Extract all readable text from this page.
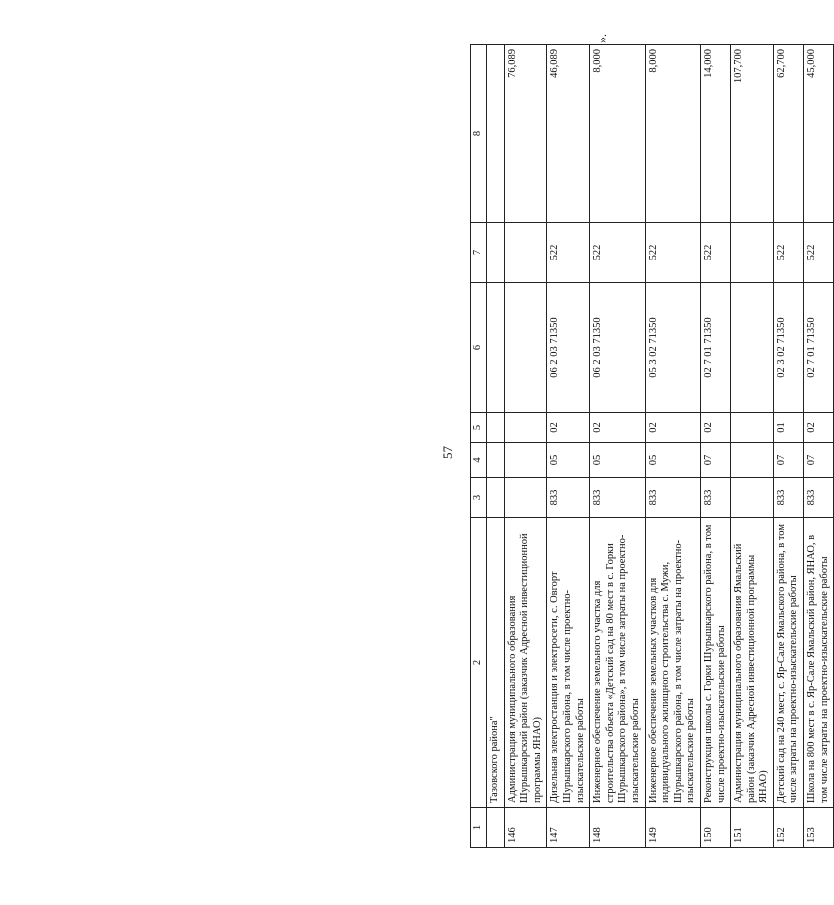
57
1	2	3	4	5	6	7	8
	Тазовского района"						
146	Администрация муниципального образования Шурышкарский район (заказчик Адресной инвестиционной программы ЯНАО)						76,089
147	Дизельная электростанция и электросети, с. Овгорт Шурышкарского района, в том числе проектно-изыскательские работы	833	05	02	06 2 03 71350	522	46,089
148	Инженерное обеспечение земельного участка для строительства объекта «Детский сад на 80 мест в с. Горки Шурышкарского района», в том числе затраты на проектно-изыскательские работы	833	05	02	06 2 03 71350	522	8,000
149	Инженерное обеспечение земельных участков для индивидуального жилищного строительства с. Мужи, Шурышкарского района, в том числе затраты на проектно-изыскательские работы	833	05	02	05 3 02 71350	522	8,000
150	Реконструкция школы с. Горки Шурышкарского района, в том числе проектно-изыскательские работы	833	07	02	02 7 01 71350	522	14,000
151	Администрация муниципального образования Ямальский район (заказчик Адресной инвестиционной программы ЯНАО)						107,700
152	Детский сад на 240 мест, с. Яр-Сале Ямальского района, в том числе затраты на проектно-изыскательские работы	833	07	01	02 3 02 71350	522	62,700
153	Школа на 800 мест в с. Яр-Сале Ямальский район, ЯНАО, в том числе затраты на проектно-изыскательские работы	833	07	02	02 7 01 71350	522	45,000
».
